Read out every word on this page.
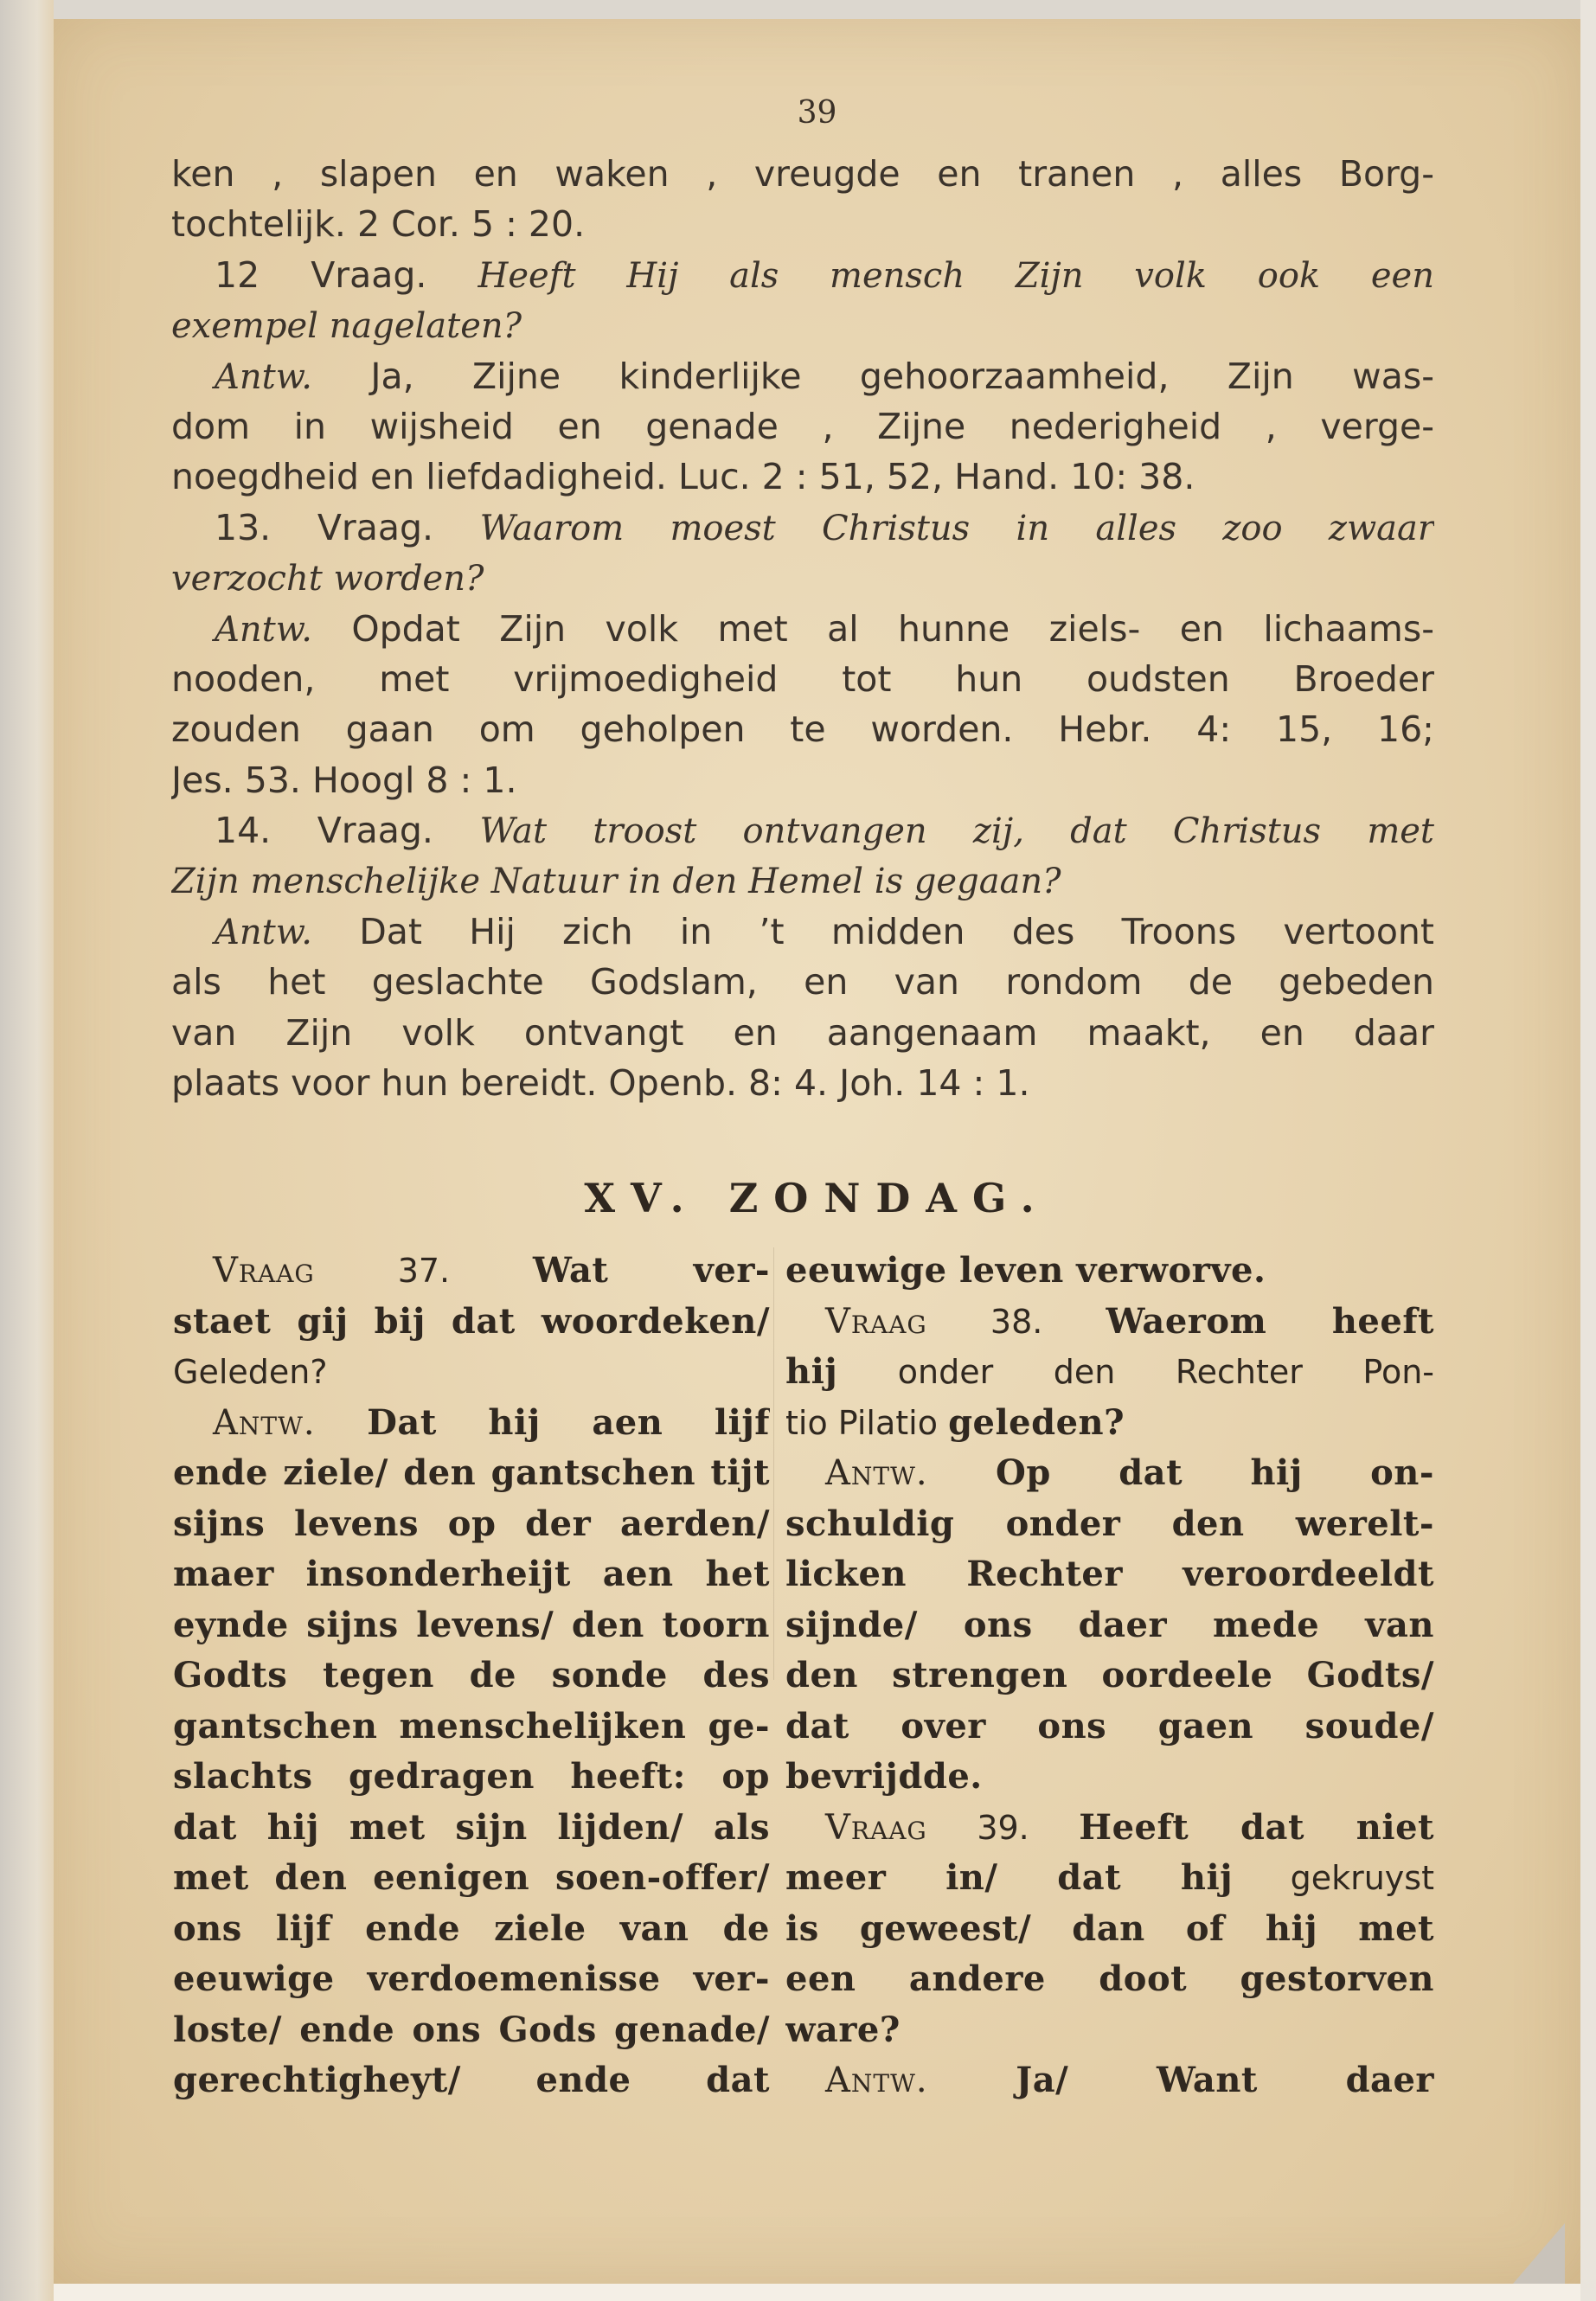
39
ken , slapen en waken , vreugde en tranen , alles Borg-
tochtelijk. 2 Cor. 5 : 20.
12 Vraag. Heeft Hij als mensch Zijn volk ook een
exempel nagelaten?
Antw. Ja, Zijne kinderlijke gehoorzaamheid, Zijn was-
dom in wijsheid en genade , Zijne nederigheid , verge-
noegdheid en liefdadigheid. Luc. 2 : 51, 52, Hand. 10: 38.
13. Vraag. Waarom moest Christus in alles zoo zwaar
verzocht worden?
Antw. Opdat Zijn volk met al hunne ziels- en lichaams-
nooden, met vrijmoedigheid tot hun oudsten Broeder
zouden gaan om geholpen te worden. Hebr. 4: 15, 16;
Jes. 53. Hoogl 8 : 1.
14. Vraag. Wat troost ontvangen zij, dat Christus met
Zijn menschelijke Natuur in den Hemel is gegaan?
Antw. Dat Hij zich in ’t midden des Troons vertoont
als het geslachte Godslam, en van rondom de gebeden
van Zijn volk ontvangt en aangenaam maakt, en daar
plaats voor hun bereidt. Openb. 8: 4. Joh. 14 : 1.
XV. ZONDAG.
Vraag 37. Wat ver-
staet gij bij dat woordeken/
Geleden?
Antw. Dat hij aen lijf
ende ziele/ den gantschen tijt
sijns levens op der aerden/
maer insonderheijt aen het
eynde sijns levens/ den toorn
Godts tegen de sonde des
gantschen menschelijken ge-
slachts gedragen heeft: op
dat hij met sijn lijden/ als
met den eenigen soen-offer/
ons lijf ende ziele van de
eeuwige verdoemenisse ver-
loste/ ende ons Gods genade/
gerechtigheyt/ ende dat
eeuwige leven verworve.
Vraag 38. Waerom heeft
hij onder den Rechter Pon-
tio Pilatio geleden?
Antw. Op dat hij on-
schuldig onder den werelt-
licken Rechter veroordeeldt
sijnde/ ons daer mede van
den strengen oordeele Godts/
dat over ons gaen soude/
bevrijdde.
Vraag 39. Heeft dat niet
meer in/ dat hij gekruyst
is geweest/ dan of hij met
een andere doot gestorven
ware?
Antw. Ja/ Want daer
